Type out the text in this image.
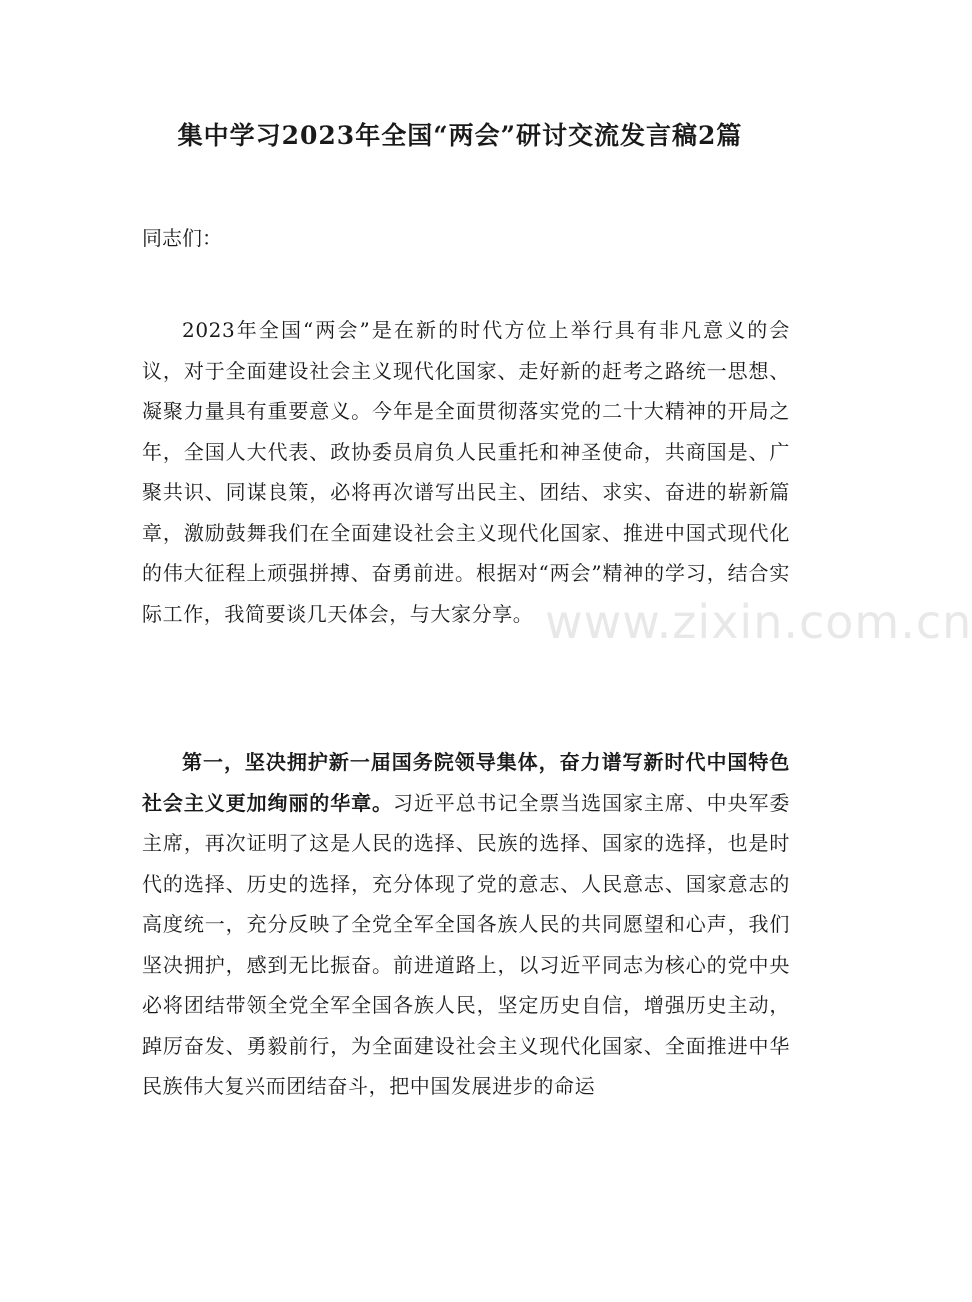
集中学习2023年全国“两会”研讨交流发言稿2篇
同志们：

2023年全国“两会”是在新的时代方位上举行具有非凡意义的会议，对于全面建设社会主义现代化国家、走好新的赶考之路统一思想、凝聚力量具有重要意义。今年是全面贯彻落实党的二十大精神的开局之年，全国人大代表、政协委员肩负人民重托和神圣使命，共商国是、广聚共识、同谋良策，必将再次谱写出民主、团结、求实、奋进的崭新篇章，激励鼓舞我们在全面建设社会主义现代化国家、推进中国式现代化的伟大征程上顽强拼搏、奋勇前进。根据对“两会”精神的学习，结合实际工作，我简要谈几天体会，与大家分享。

第一，坚决拥护新一届国务院领导集体，奋力谱写新时代中国特色社会主义更加绚丽的华章。习近平总书记全票当选国家主席、中央军委主席，再次证明了这是人民的选择、民族的选择、国家的选择，也是时代的选择、历史的选择，充分体现了党的意志、人民意志、国家意志的高度统一，充分反映了全党全军全国各族人民的共同愿望和心声，我们坚决拥护，感到无比振奋。前进道路上，以习近平同志为核心的党中央必将团结带领全党全军全国各族人民，坚定历史自信，增强历史主动，踔厉奋发、勇毅前行，为全面建设社会主义现代化国家、全面推进中华民族伟大复兴而团结奋斗，把中国发展进步的命运

www.zixin.com.cn
